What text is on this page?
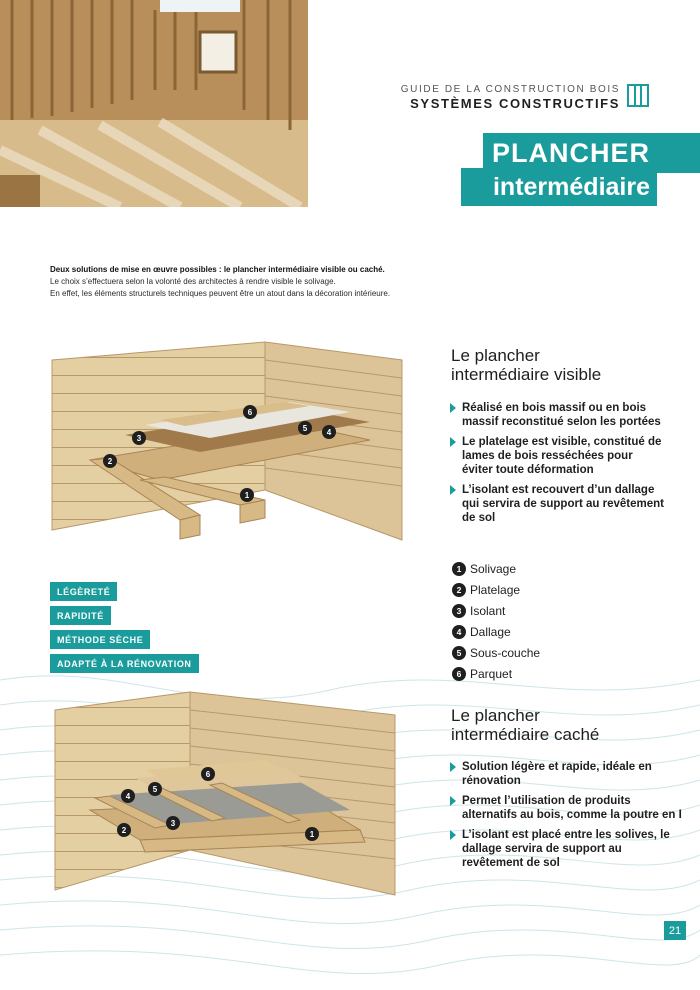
GUIDE DE LA CONSTRUCTION BOIS
SYSTÈMES CONSTRUCTIFS
PLANCHER
intermédiaire
Deux solutions de mise en œuvre possibles : le plancher intermédiaire visible ou caché.
Le choix s’effectuera selon la volonté des architectes à rendre visible le solivage.
En effet, les éléments structurels techniques peuvent être un atout dans la décoration intérieure.
3
2
1
6
5 4
Le plancher
intermédiaire visible
Réalisé en bois massif ou en bois massif reconstitué selon les portées
Le platelage est visible, constitué de lames de bois resséchées pour éviter toute déformation
L’isolant est recouvert d’un dallage qui servira de support au revêtement de sol
1 Solivage
2 Platelage
3 Isolant
4 Dallage
5 Sous-couche
6 Parquet
LÉGÈRETÉ
RAPIDITÉ
MÉTHODE SÈCHE
ADAPTÉ À LA RÉNOVATION
4
5
6
3
2	1
Le plancher
intermédiaire caché
Solution légère et rapide, idéale en rénovation
Permet l’utilisation de produits alternatifs au bois, comme la poutre en I
L’isolant est placé entre les solives, le dallage servira de support au revêtement de sol
21
